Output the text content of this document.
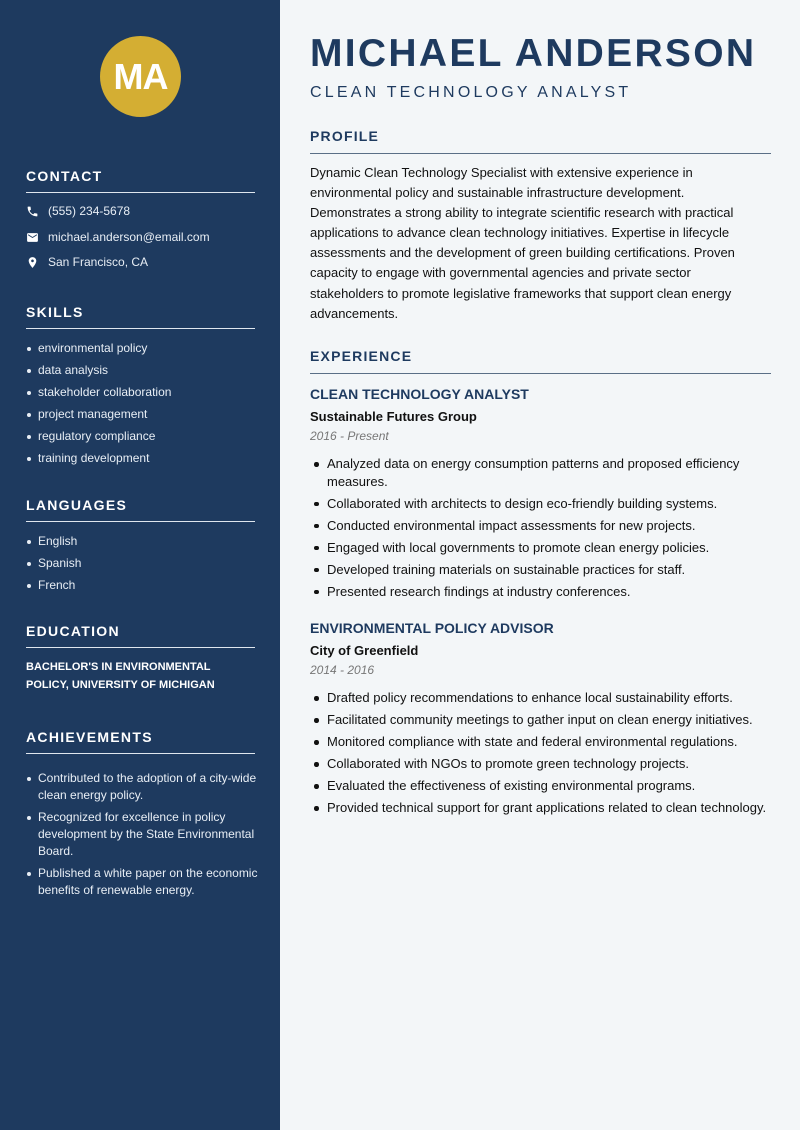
MA
CONTACT
(555) 234-5678
michael.anderson@email.com
San Francisco, CA
SKILLS
environmental policy
data analysis
stakeholder collaboration
project management
regulatory compliance
training development
LANGUAGES
English
Spanish
French
EDUCATION
BACHELOR'S IN ENVIRONMENTAL POLICY, UNIVERSITY OF MICHIGAN
ACHIEVEMENTS
Contributed to the adoption of a city-wide clean energy policy.
Recognized for excellence in policy development by the State Environmental Board.
Published a white paper on the economic benefits of renewable energy.
MICHAEL ANDERSON
CLEAN TECHNOLOGY ANALYST
PROFILE
Dynamic Clean Technology Specialist with extensive experience in environmental policy and sustainable infrastructure development. Demonstrates a strong ability to integrate scientific research with practical applications to advance clean technology initiatives. Expertise in lifecycle assessments and the development of green building certifications. Proven capacity to engage with governmental agencies and private sector stakeholders to promote legislative frameworks that support clean energy advancements.
EXPERIENCE
CLEAN TECHNOLOGY ANALYST
Sustainable Futures Group
2016 - Present
Analyzed data on energy consumption patterns and proposed efficiency measures.
Collaborated with architects to design eco-friendly building systems.
Conducted environmental impact assessments for new projects.
Engaged with local governments to promote clean energy policies.
Developed training materials on sustainable practices for staff.
Presented research findings at industry conferences.
ENVIRONMENTAL POLICY ADVISOR
City of Greenfield
2014 - 2016
Drafted policy recommendations to enhance local sustainability efforts.
Facilitated community meetings to gather input on clean energy initiatives.
Monitored compliance with state and federal environmental regulations.
Collaborated with NGOs to promote green technology projects.
Evaluated the effectiveness of existing environmental programs.
Provided technical support for grant applications related to clean technology.
